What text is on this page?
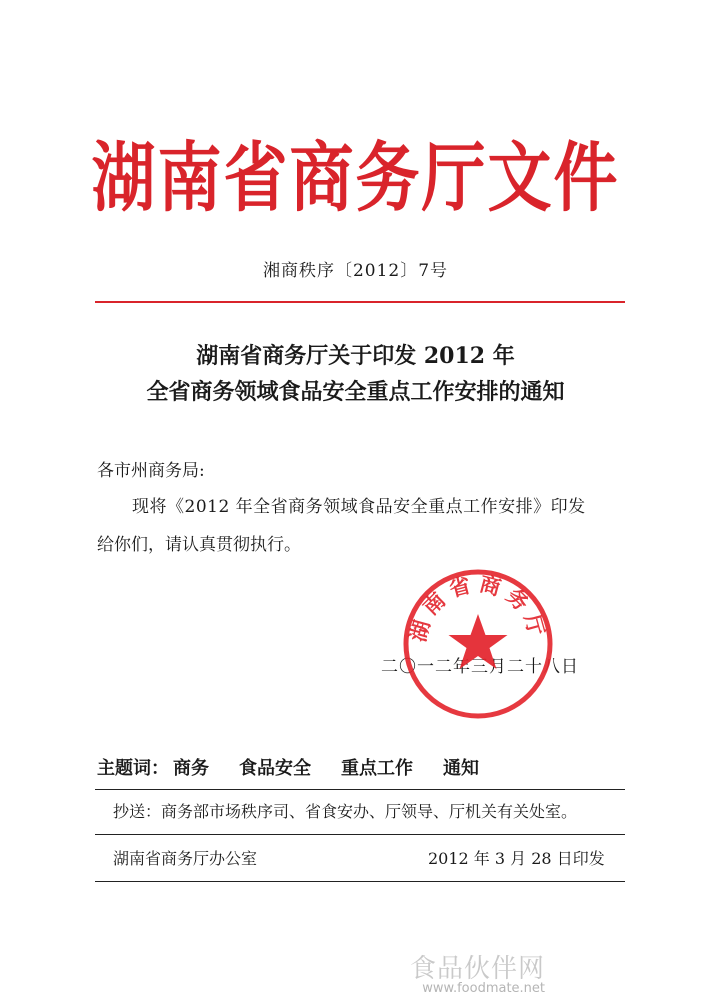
湖南省商务厅文件
湘商秩序〔2012〕7号
湖南省商务厅关于印发 2012 年
全省商务领域食品安全重点工作安排的通知
各市州商务局:
现将《2012 年全省商务领域食品安全重点工作安排》印发
给你们，请认真贯彻执行。
二〇一二年三月二十八日
湖南省商务厅
主题词： 商务 食品安全 重点工作 通知
抄送：商务部市场秩序司、省食安办、厅领导、厅机关有关处室。
湖南省商务厅办公室	2012 年 3 月 28 日印发
食品伙伴网
www.foodmate.net
